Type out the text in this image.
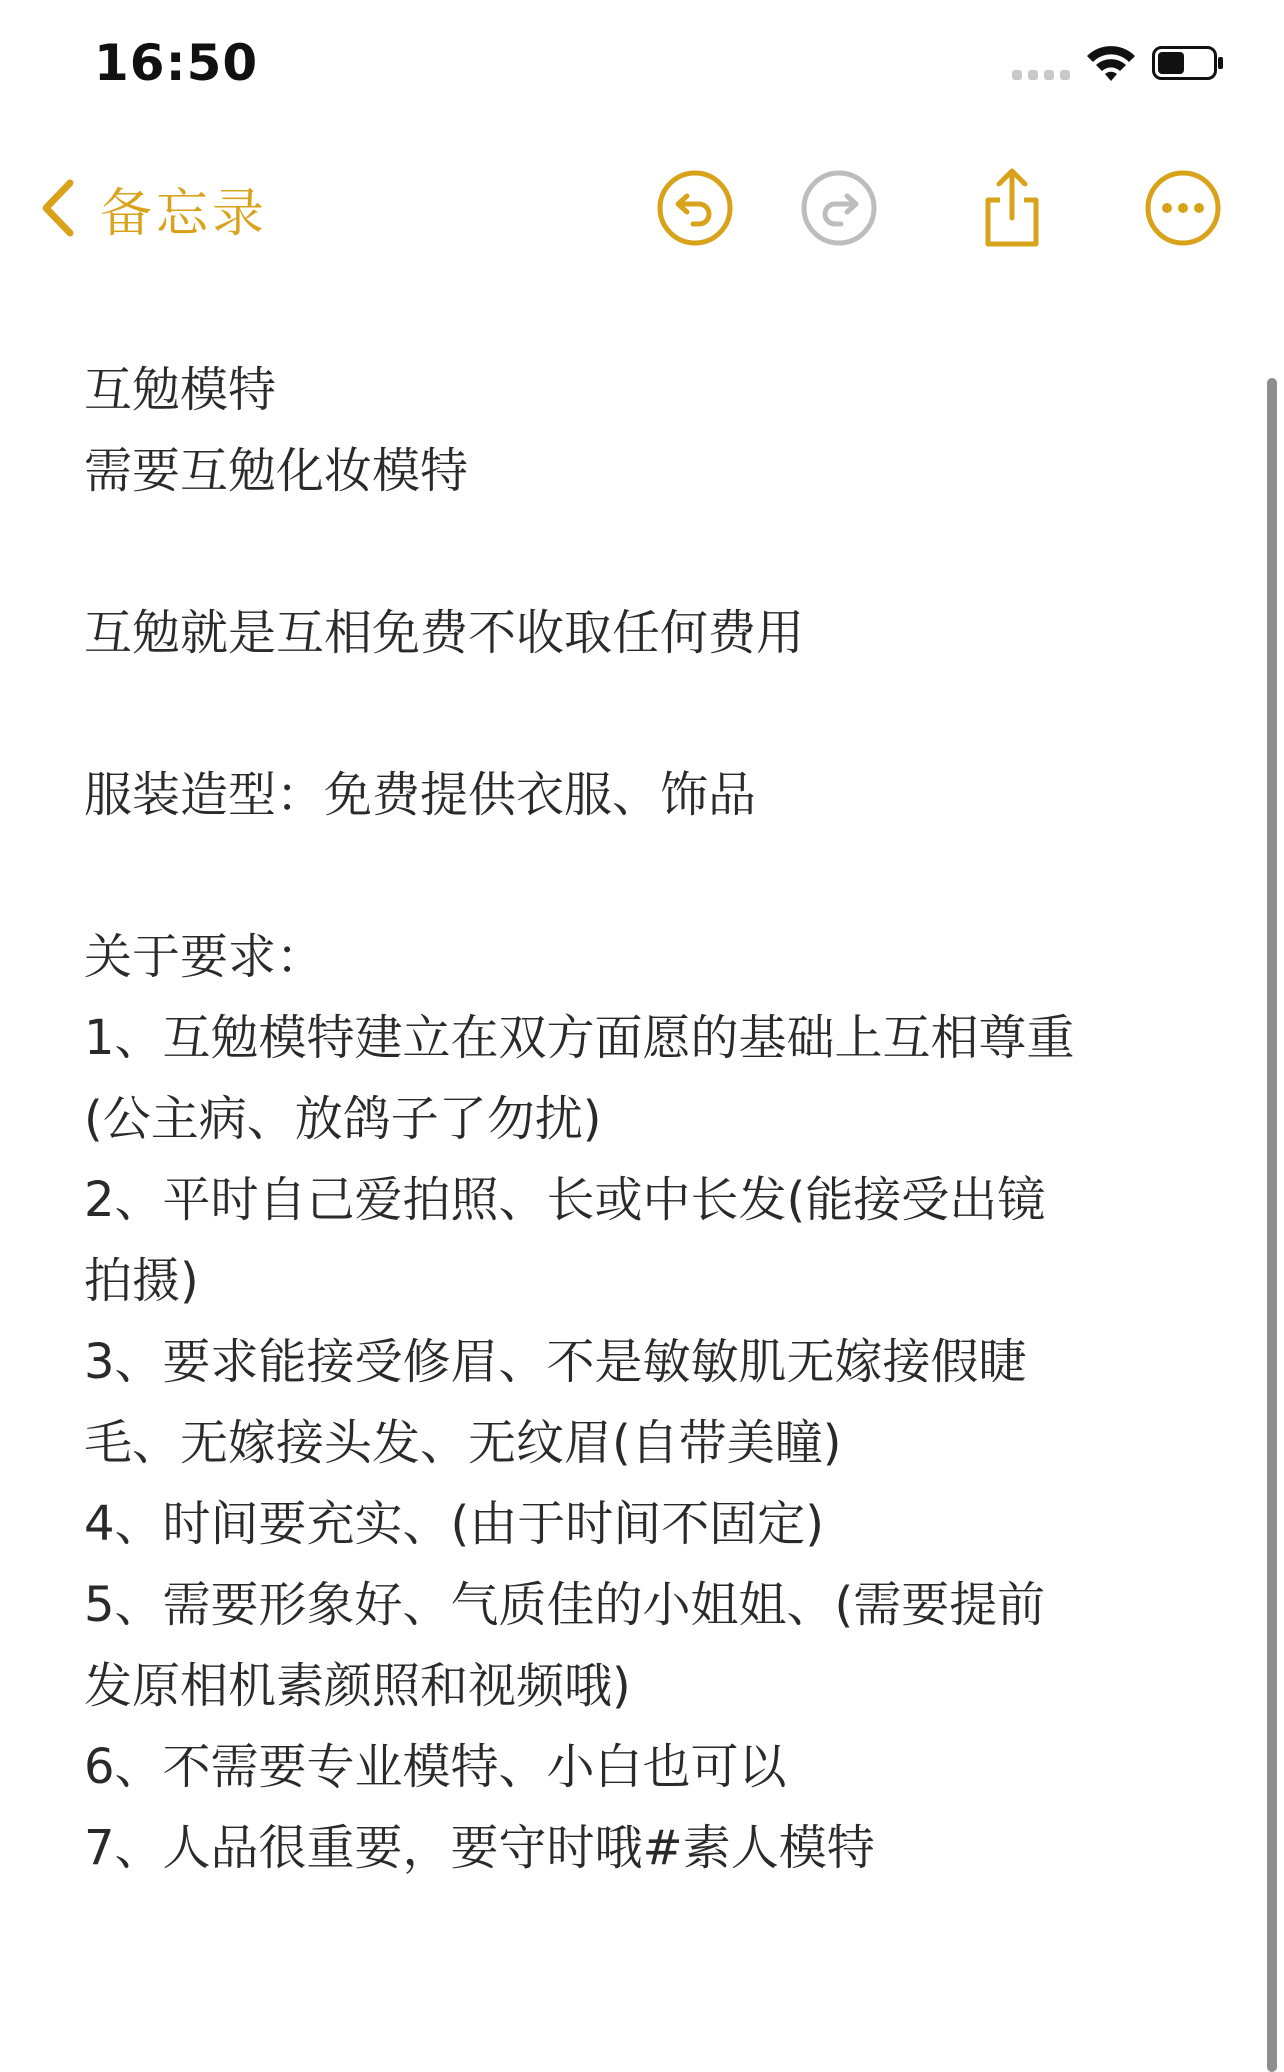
16:50
备忘录
互勉模特
需要互勉化妆模特
互勉就是互相免费不收取任何费用
服装造型：免费提供衣服、饰品
关于要求：
1、互勉模特建立在双方面愿的基础上互相尊重
(公主病、放鸽子了勿扰)
2、平时自己爱拍照、长或中长发(能接受出镜
拍摄)
3、要求能接受修眉、不是敏敏肌无嫁接假睫
毛、无嫁接头发、无纹眉(自带美瞳)
4、时间要充实、(由于时间不固定)
5、需要形象好、气质佳的小姐姐、(需要提前
发原相机素颜照和视频哦)
6、不需要专业模特、小白也可以
7、人品很重要，要守时哦#素人模特
